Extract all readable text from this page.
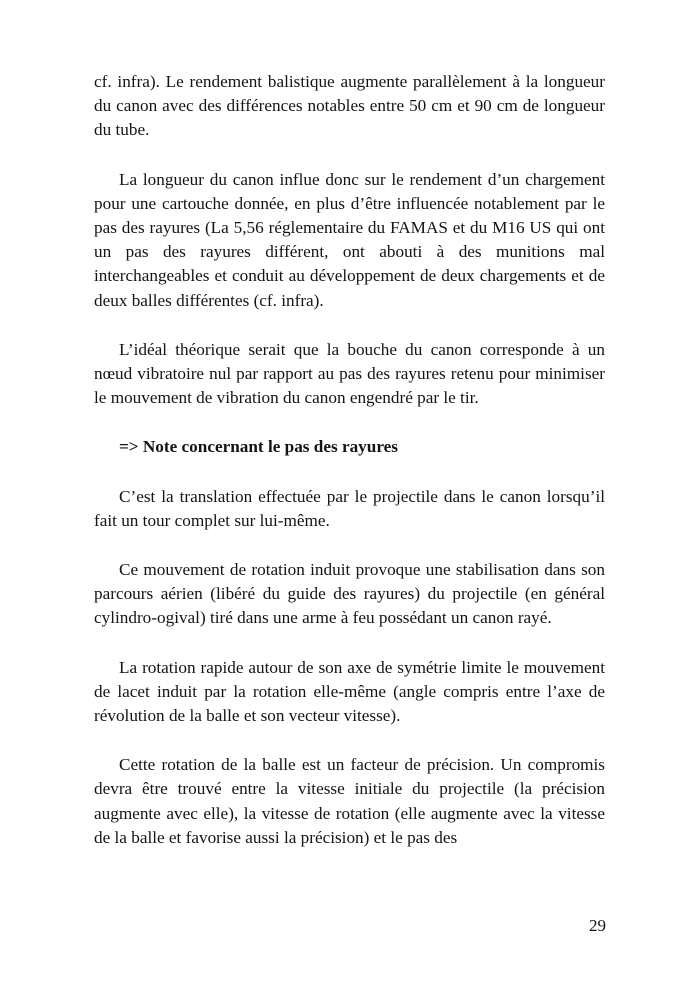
cf. infra). Le rendement balistique augmente parallèlement à la longueur du canon avec des différences notables entre 50 cm et 90 cm de longueur du tube.

La longueur du canon influe donc sur le rendement d’un chargement pour une cartouche donnée, en plus d’être influencée notablement par le pas des rayures (La 5,56 réglementaire du FAMAS et du M16 US qui ont un pas des rayures différent, ont abouti à des munitions mal interchangeables et conduit au développement de deux chargements et de deux balles différentes (cf. infra).

L’idéal théorique serait que la bouche du canon corresponde à un nœud vibratoire nul par rapport au pas des rayures retenu pour minimiser le mouvement de vibration du canon engendré par le tir.

=> Note concernant le pas des rayures

C’est la translation effectuée par le projectile dans le canon lorsqu’il fait un tour complet sur lui-même.

Ce mouvement de rotation induit provoque une stabilisation dans son parcours aérien (libéré du guide des rayures) du projectile (en général cylindro-ogival) tiré dans une arme à feu possédant un canon rayé.

La rotation rapide autour de son axe de symétrie limite le mouvement de lacet induit par la rotation elle-même (angle compris entre l’axe de révolution de la balle et son vecteur vitesse).

Cette rotation de la balle est un facteur de précision. Un compromis devra être trouvé entre la vitesse initiale du projectile (la précision augmente avec elle), la vitesse de rotation (elle augmente avec la vitesse de la balle et favorise aussi la précision) et le pas des

29
